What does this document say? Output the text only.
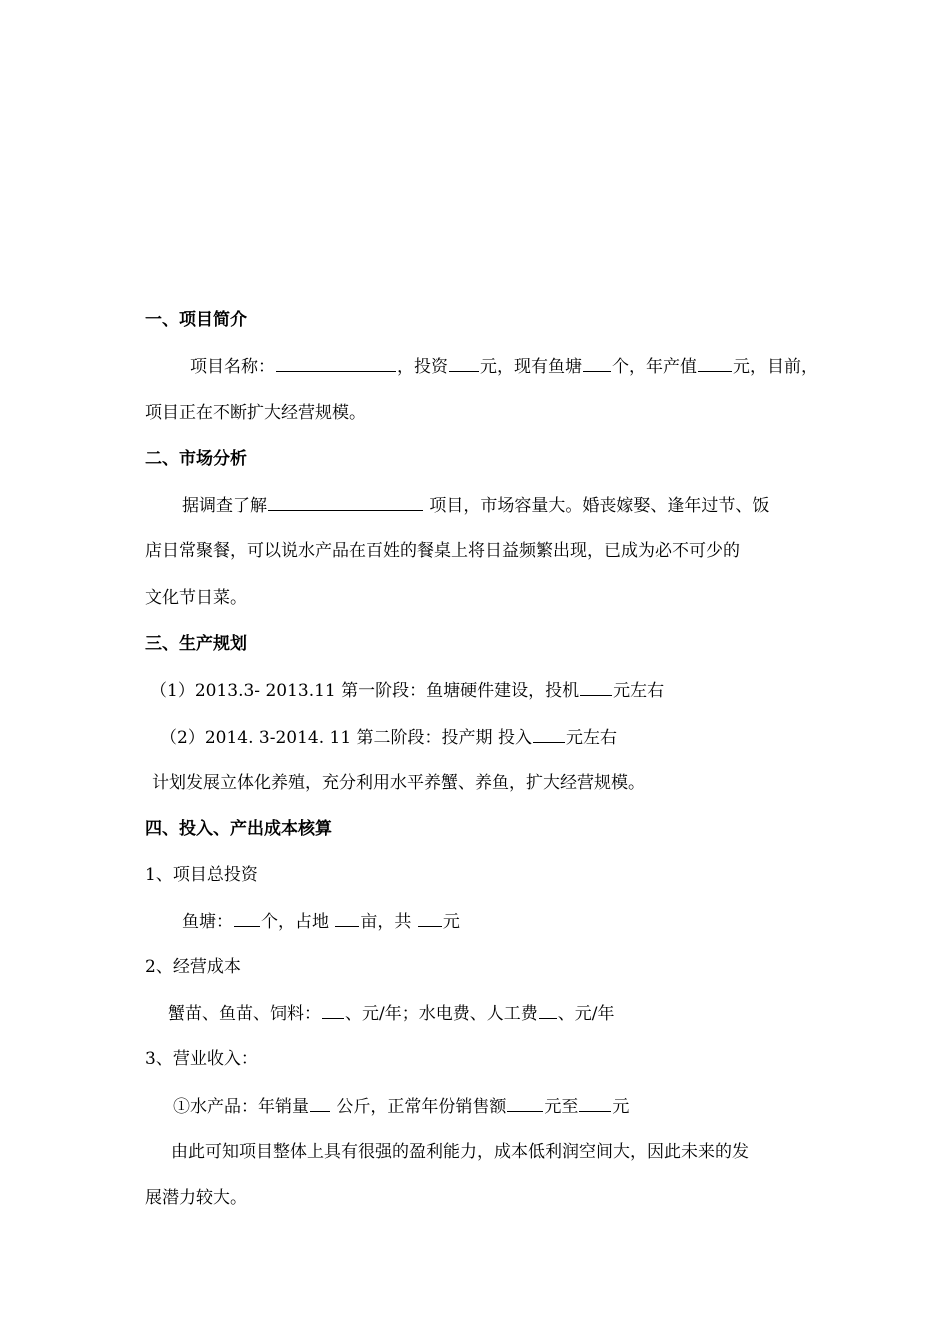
一、项目简介
项目名称：	，投资 元，现有鱼塘 个，年产值 元，目前，
项目正在不断扩大经营规模。
二、市场分析
据调查了解	项目，市场容量大。婚丧嫁娶、逢年过节、饭
店日常聚餐，可以说水产品在百姓的餐桌上将日益频繁出现，已成为必不可少的
文化节日菜。
三、生产规划
（1）2013.3- 2013.11 第一阶段：鱼塘硬件建设，投机 元左右
（2）2014. 3-2014. 11 第二阶段：投产期 投入 元左右
计划发展立体化养殖，充分利用水平养蟹、养鱼，扩大经营规模。
四、投入、产出成本核算
1、项目总投资
鱼塘： 个，占地 亩，共 元
2、经营成本
蟹苗、鱼苗、饲料： 、元/年；水电费、人工费 、元/年
3、营业收入：
①水产品：年销量 公斤，正常年份销售额 元至 元
由此可知项目整体上具有很强的盈利能力，成本低利润空间大，因此未来的发
展潜力较大。
